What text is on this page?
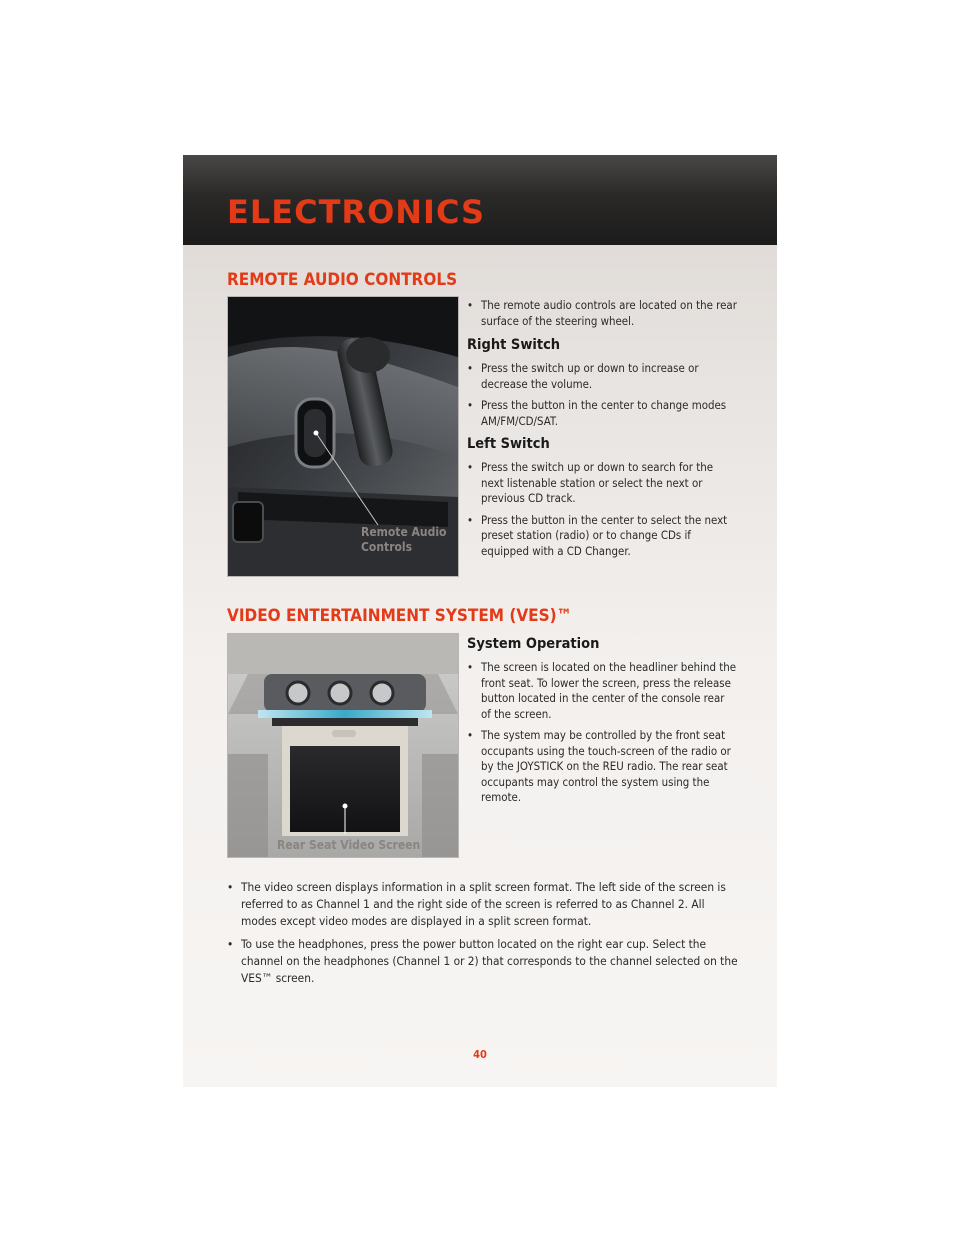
ELECTRONICS
REMOTE AUDIO CONTROLS
Remote Audio
Controls
• The remote audio controls are located on the rear surface of the steering wheel.
Right Switch
• Press the switch up or down to increase or decrease the volume.
• Press the button in the center to change modes AM/FM/CD/SAT.
Left Switch
• Press the switch up or down to search for the next listenable station or select the next or previous CD track.
• Press the button in the center to select the next preset station (radio) or to change CDs if equipped with a CD Changer.
VIDEO ENTERTAINMENT SYSTEM (VES)™
Rear Seat Video Screen
System Operation
• The screen is located on the headliner behind the front seat. To lower the screen, press the release button located in the center of the console rear of the screen.
• The system may be controlled by the front seat occupants using the touch-screen of the radio or by the JOYSTICK on the REU radio. The rear seat occupants may control the system using the remote.
• The video screen displays information in a split screen format. The left side of the screen is referred to as Channel 1 and the right side of the screen is referred to as Channel 2. All modes except video modes are displayed in a split screen format.
• To use the headphones, press the power button located on the right ear cup. Select the channel on the headphones (Channel 1 or 2) that corresponds to the channel selected on the VES™ screen.
40
